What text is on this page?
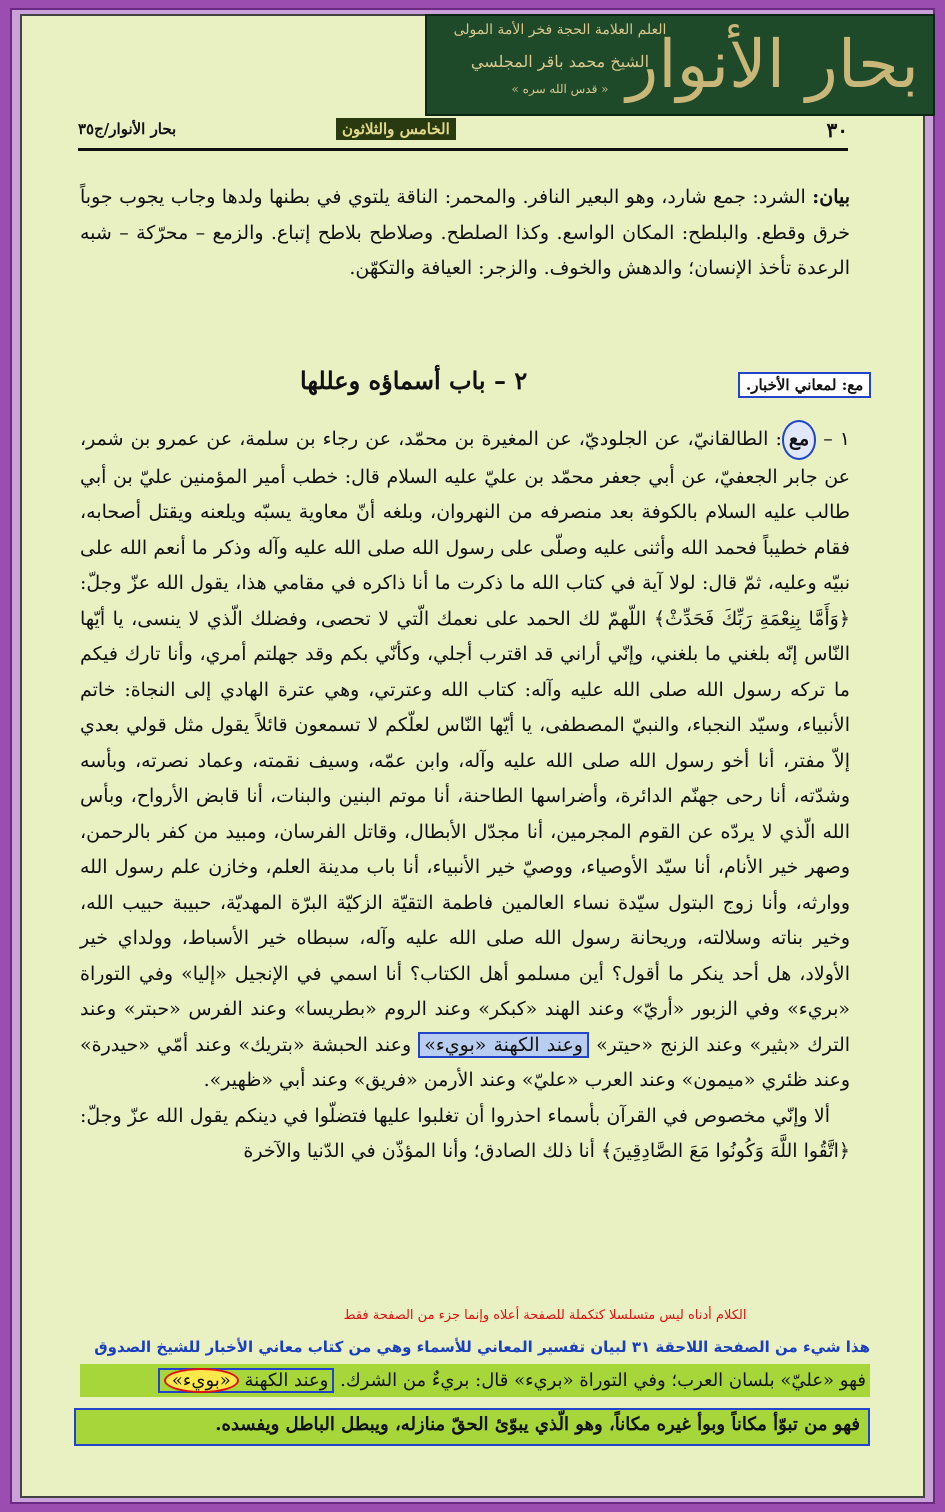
بحار الأنوار
العلم العلامة الحجة فخر الأمة المولى
الشيخ محمد باقر المجلسي
« قدس الله سره »
٣٠
الخامس والثلاثون
بحار الأنوار/ج٣٥

بيان: الشرد: جمع شارد، وهو البعير النافر. والمحمر: الناقة يلتوي في بطنها ولدها وجاب يجوب جوباً خرق وقطع. والبلطح: المكان الواسع. وكذا الصلطح. وصلاطح بلاطح إتباع. والزمع – محرّكة – شبه الرعدة تأخذ الإنسان؛ والدهش والخوف. والزجر: العيافة والتكهّن.

٢ – باب أسماؤه وعللها	مع: لمعاني الأخبار.

١ – مع: الطالقانيّ، عن الجلوديّ، عن المغيرة بن محمّد، عن رجاء بن سلمة، عن عمرو بن شمر، عن جابر الجعفيّ، عن أبي جعفر محمّد بن عليّ عليه السلام قال: خطب أمير المؤمنين عليّ بن أبي طالب عليه السلام بالكوفة بعد منصرفه من النهروان، وبلغه أنّ معاوية يسبّه ويلعنه ويقتل أصحابه، فقام خطيباً فحمد الله وأثنى عليه وصلّى على رسول الله صلى الله عليه وآله وذكر ما أنعم الله على نبيّه وعليه، ثمّ قال: لولا آية في كتاب الله ما ذكرت ما أنا ذاكره في مقامي هذا، يقول الله عزّ وجلّ: ﴿وَأَمَّا بِنِعْمَةِ رَبِّكَ فَحَدِّثْ﴾ اللّهمّ لك الحمد على نعمك الّتي لا تحصى، وفضلك الّذي لا ينسى، يا أيّها النّاس إنّه بلغني ما بلغني، وإنّي أراني قد اقترب أجلي، وكأنّي بكم وقد جهلتم أمري، وأنا تارك فيكم ما تركه رسول الله صلى الله عليه وآله: كتاب الله وعترتي، وهي عترة الهادي إلى النجاة: خاتم الأنبياء، وسيّد النجباء، والنبيّ المصطفى، يا أيّها النّاس لعلّكم لا تسمعون قائلاً يقول مثل قولي بعدي إلاّ مفتر، أنا أخو رسول الله صلى الله عليه وآله، وابن عمّه، وسيف نقمته، وعماد نصرته، وبأسه وشدّته، أنا رحى جهنّم الدائرة، وأضراسها الطاحنة، أنا موتم البنين والبنات، أنا قابض الأرواح، وبأس الله الّذي لا يردّه عن القوم المجرمين، أنا مجدّل الأبطال، وقاتل الفرسان، ومبيد من كفر بالرحمن، وصهر خير الأنام، أنا سيّد الأوصياء، ووصيّ خير الأنبياء، أنا باب مدينة العلم، وخازن علم رسول الله ووارثه، وأنا زوج البتول سيّدة نساء العالمين فاطمة التقيّة الزكيّة البرّة المهديّة، حبيبة حبيب الله، وخير بناته وسلالته، وريحانة رسول الله صلى الله عليه وآله، سبطاه خير الأسباط، وولداي خير الأولاد، هل أحد ينكر ما أقول؟ أين مسلمو أهل الكتاب؟ أنا اسمي في الإنجيل «إليا» وفي التوراة «بريء» وفي الزبور «أريّ» وعند الهند «كبكر» وعند الروم «بطريسا» وعند الفرس «حبتر» وعند الترك «بثير» وعند الزنج «حيتر» وعند الكهنة «بويء» وعند الحبشة «بتريك» وعند أمّي «حيدرة» وعند ظئري «ميمون» وعند العرب «عليّ» وعند الأرمن «فريق» وعند أبي «ظهير».

ألا وإنّي مخصوص في القرآن بأسماء احذروا أن تغلبوا عليها فتضلّوا في دينكم يقول الله عزّ وجلّ: ﴿اتَّقُوا اللَّهَ وَكُونُوا مَعَ الصَّادِقِينَ﴾ أنا ذلك الصادق؛ وأنا المؤذّن في الدّنيا والآخرة

الكلام أدناه ليس متسلسلا كتكملة للصفحة أعلاه وإنما جزء من الصفحة فقط
هذا شيء من الصفحة اللاحقة ٣١ لبيان تفسير المعاني للأسماء وهي من كتاب معاني الأخبار للشيخ الصدوق
فهو «عليّ» بلسان العرب؛ وفي التوراة «بريء» قال: بريءٌ من الشرك. وعند الكهنة «بويء»
فهو من تبوّأ مكاناً وبوأ غيره مكاناً، وهو الّذي يبوّئ الحقّ منازله، ويبطل الباطل ويفسده.
